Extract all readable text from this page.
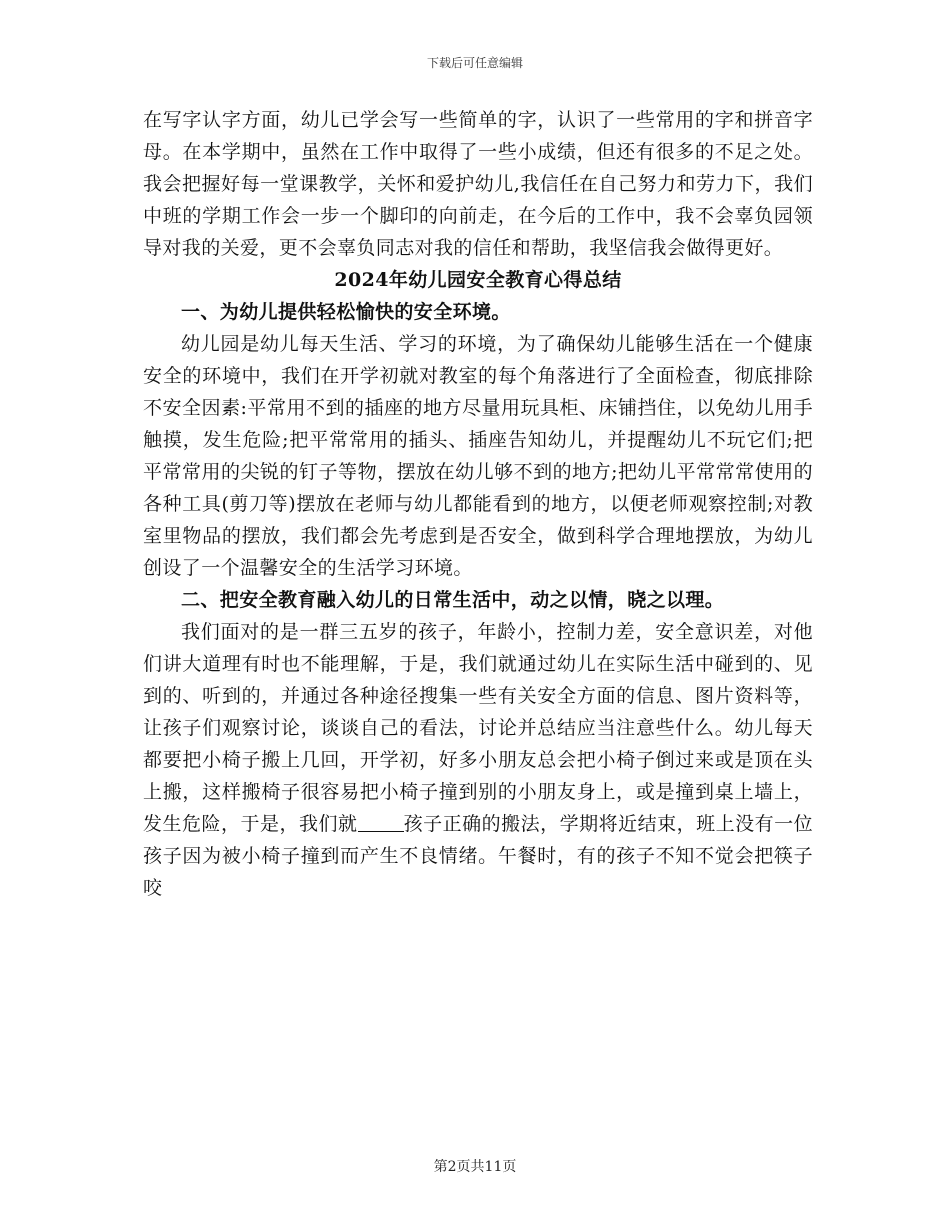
下载后可任意编辑

在写字认字方面，幼儿已学会写一些简单的字，认识了一些常用的字和拼音字母。在本学期中，虽然在工作中取得了一些小成绩，但还有很多的不足之处。我会把握好每一堂课教学，关怀和爱护幼儿,我信任在自己努力和劳力下，我们中班的学期工作会一步一个脚印的向前走，在今后的工作中，我不会辜负园领导对我的关爱，更不会辜负同志对我的信任和帮助，我坚信我会做得更好。

2024年幼儿园安全教育心得总结

一、为幼儿提供轻松愉快的安全环境。

幼儿园是幼儿每天生活、学习的环境，为了确保幼儿能够生活在一个健康安全的环境中，我们在开学初就对教室的每个角落进行了全面检查，彻底排除不安全因素:平常用不到的插座的地方尽量用玩具柜、床铺挡住，以免幼儿用手触摸，发生危险;把平常常用的插头、插座告知幼儿，并提醒幼儿不玩它们;把平常常用的尖锐的钉子等物，摆放在幼儿够不到的地方;把幼儿平常常常使用的各种工具(剪刀等)摆放在老师与幼儿都能看到的地方，以便老师观察控制;对教室里物品的摆放，我们都会先考虑到是否安全，做到科学合理地摆放，为幼儿创设了一个温馨安全的生活学习环境。

二、把安全教育融入幼儿的日常生活中，动之以情，晓之以理。

我们面对的是一群三五岁的孩子，年龄小，控制力差，安全意识差，对他们讲大道理有时也不能理解，于是，我们就通过幼儿在实际生活中碰到的、见到的、听到的，并通过各种途径搜集一些有关安全方面的信息、图片资料等，让孩子们观察讨论，谈谈自己的看法，讨论并总结应当注意些什么。幼儿每天都要把小椅子搬上几回，开学初，好多小朋友总会把小椅子倒过来或是顶在头上搬，这样搬椅子很容易把小椅子撞到别的小朋友身上，或是撞到桌上墙上，发生危险，于是，我们就 孩子正确的搬法，学期将近结束，班上没有一位孩子因为被小椅子撞到而产生不良情绪。午餐时，有的孩子不知不觉会把筷子咬

第2页共11页
